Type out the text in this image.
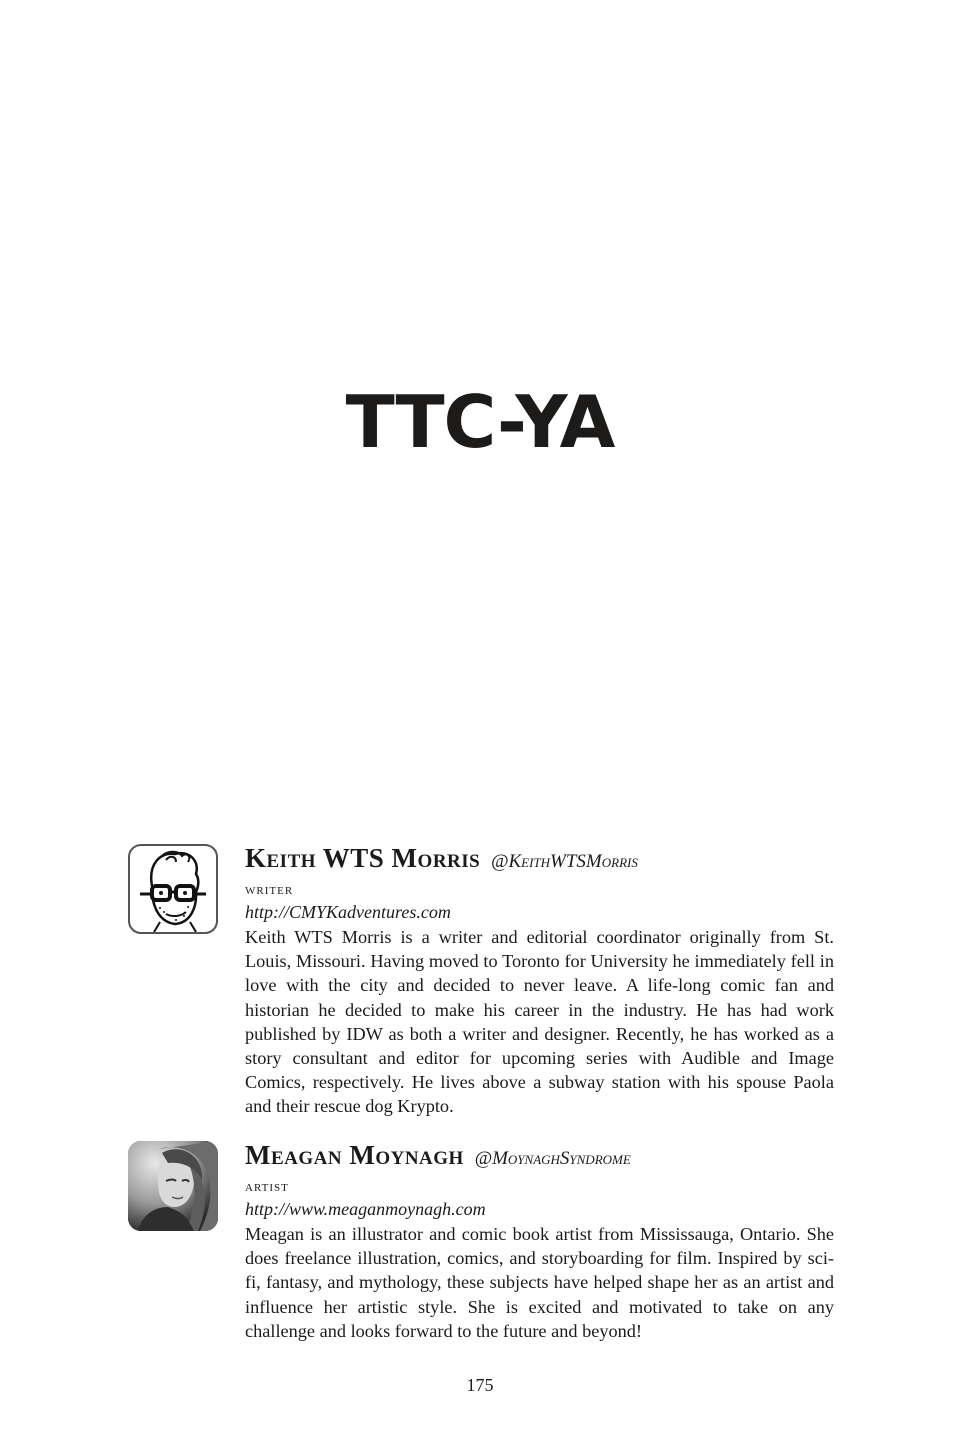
TTC-YA
Keith WTS Morris @KeithWTSMorris
writer
http://CMYKadventures.com

Keith WTS Morris is a writer and editorial coordinator originally from St. Louis, Missouri. Having moved to Toronto for University he immediately fell in love with the city and decided to never leave. A life-long comic fan and historian he decided to make his career in the industry. He has had work published by IDW as both a writer and designer. Recently, he has worked as a story consultant and editor for upcoming series with Audible and Image Comics, respectively. He lives above a subway station with his spouse Paola and their rescue dog Krypto.

Meagan Moynagh @MoynaghSyndrome
artist
http://www.meaganmoynagh.com

Meagan is an illustrator and comic book artist from Mississauga, Ontario. She does freelance illustration, comics, and storyboarding for film. Inspired by sci-fi, fantasy, and mythology, these subjects have helped shape her as an artist and influence her artistic style. She is excited and motivated to take on any challenge and looks forward to the future and beyond!

175
